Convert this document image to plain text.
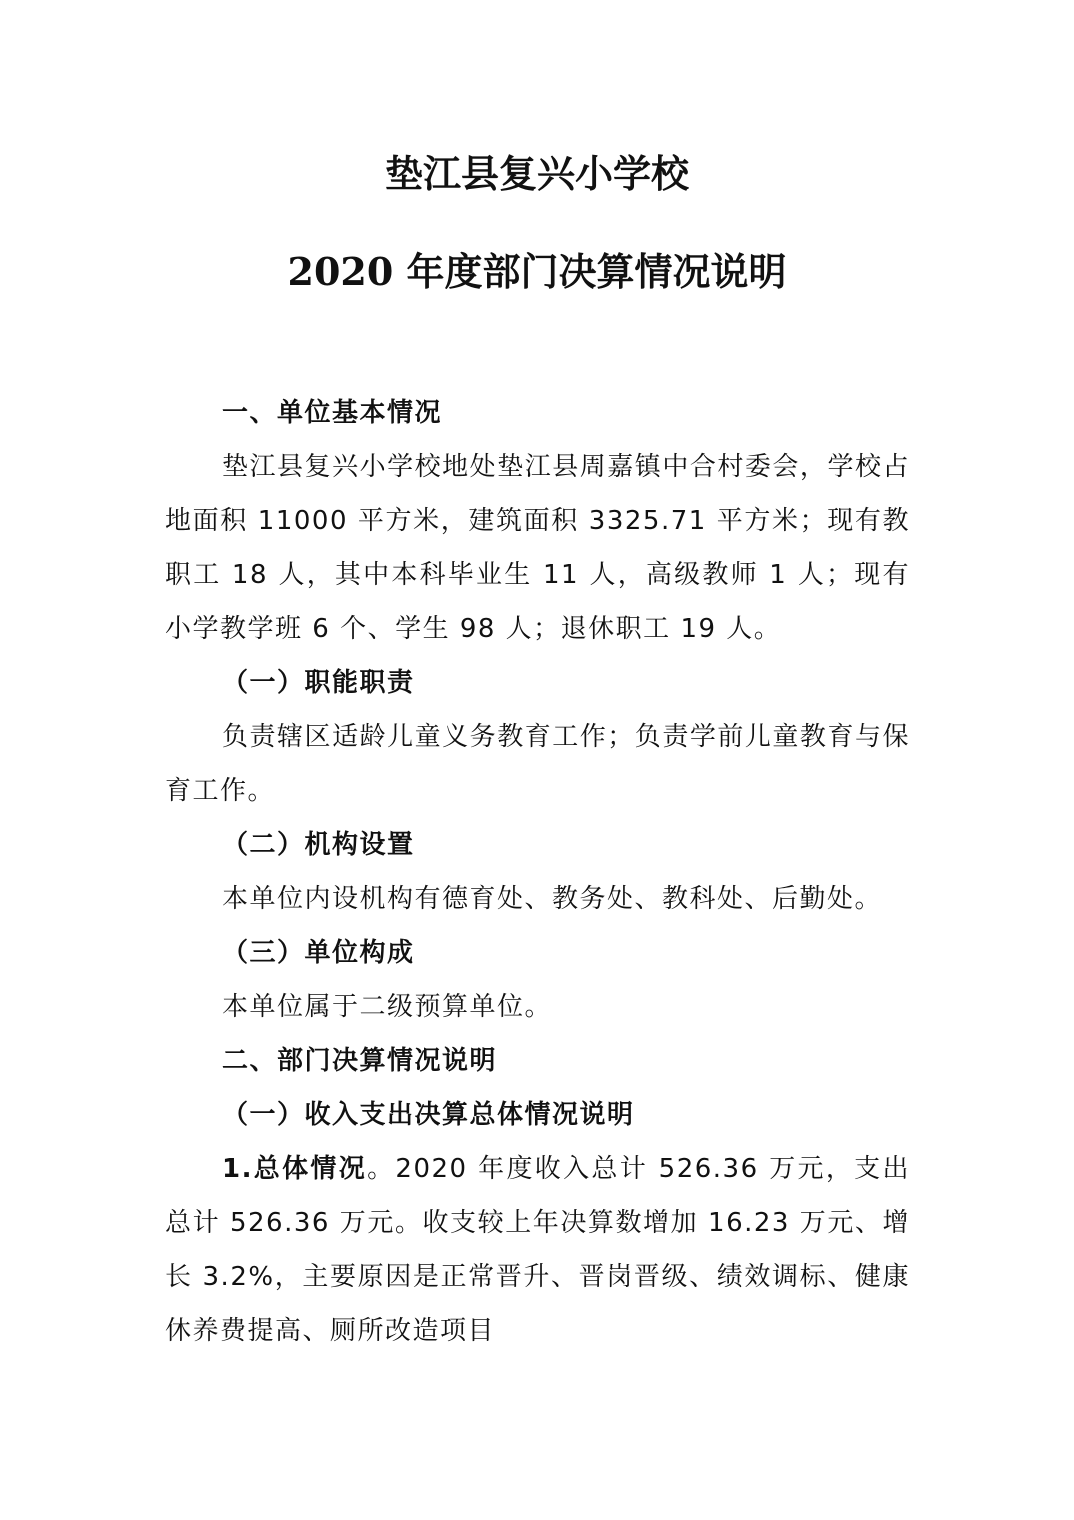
垫江县复兴小学校
2020 年度部门决算情况说明

一、单位基本情况

垫江县复兴小学校地处垫江县周嘉镇中合村委会，学校占地面积 11000 平方米，建筑面积 3325.71 平方米；现有教职工 18 人，其中本科毕业生 11 人，高级教师 1 人；现有小学教学班 6 个、学生 98 人；退休职工 19 人。

（一）职能职责

负责辖区适龄儿童义务教育工作；负责学前儿童教育与保育工作。

（二）机构设置

本单位内设机构有德育处、教务处、教科处、后勤处。

（三）单位构成

本单位属于二级预算单位。

二、部门决算情况说明

（一）收入支出决算总体情况说明

1.总体情况。2020 年度收入总计 526.36 万元，支出总计 526.36 万元。收支较上年决算数增加 16.23 万元、增长 3.2%，主要原因是正常晋升、晋岗晋级、绩效调标、健康休养费提高、厕所改造项目
